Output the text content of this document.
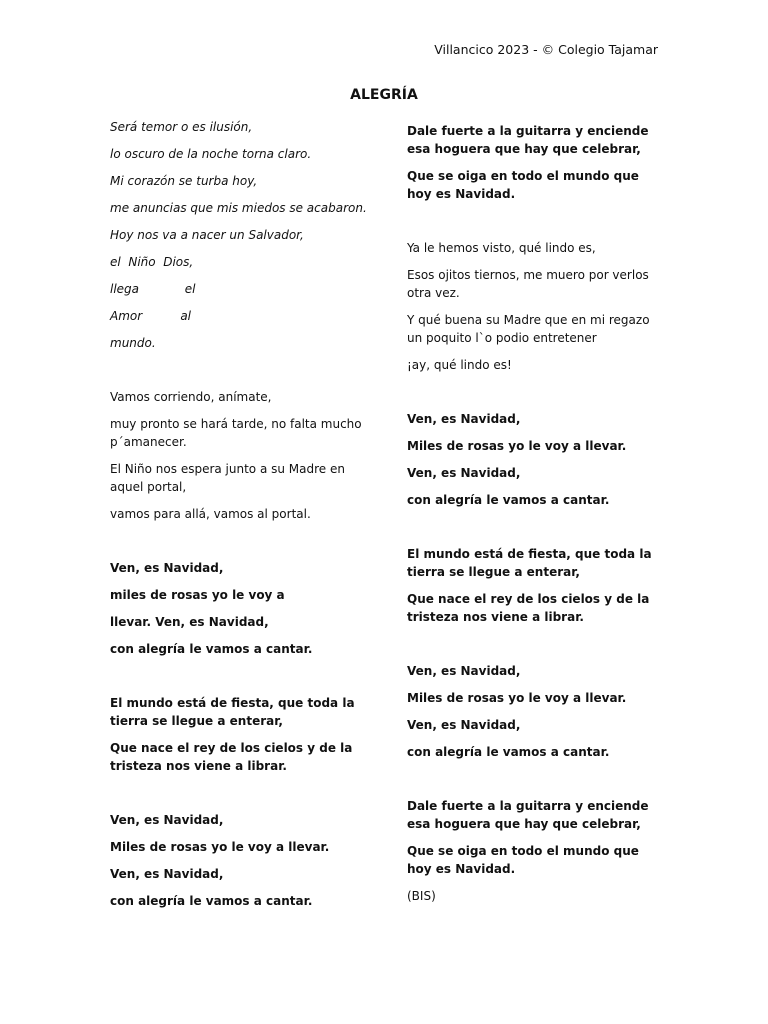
Villancico 2023 - © Colegio Tajamar
ALEGRÍA

Será temor o es ilusión,

lo oscuro de la noche torna claro.

Mi corazón se turba hoy,

me anuncias que mis miedos se acabaron.

Hoy nos va a nacer un Salvador,

el  Niño  Dios,

llega            el

Amor          al

mundo.

Vamos corriendo, anímate,

muy pronto se hará tarde, no falta mucho p´amanecer.

El Niño nos espera junto a su Madre en aquel portal,

vamos para allá, vamos al portal.

Ven, es Navidad,

miles de rosas yo le voy a

llevar. Ven, es Navidad,

con alegría le vamos a cantar.

El mundo está de fiesta, que toda la tierra se llegue a enterar,

Que nace el rey de los cielos y de la tristeza nos viene a librar.

Ven, es Navidad,

Miles de rosas yo le voy a llevar.

Ven, es Navidad,

con alegría le vamos a cantar.

Dale fuerte a la guitarra y enciende esa hoguera que hay que celebrar,

Que se oiga en todo el mundo que hoy es Navidad.

Ya le hemos visto, qué lindo es,

Esos ojitos tiernos, me muero por verlos otra vez.

Y qué buena su Madre que en mi regazo un poquito l`o podio entretener

¡ay, qué lindo es!

Ven, es Navidad,

Miles de rosas yo le voy a llevar.

Ven, es Navidad,

con alegría le vamos a cantar.

El mundo está de fiesta, que toda la tierra se llegue a enterar,

Que nace el rey de los cielos y de la tristeza nos viene a librar.

Ven, es Navidad,

Miles de rosas yo le voy a llevar.

Ven, es Navidad,

con alegría le vamos a cantar.

Dale fuerte a la guitarra y enciende esa hoguera que hay que celebrar,

Que se oiga en todo el mundo que hoy es Navidad.

(BIS)
